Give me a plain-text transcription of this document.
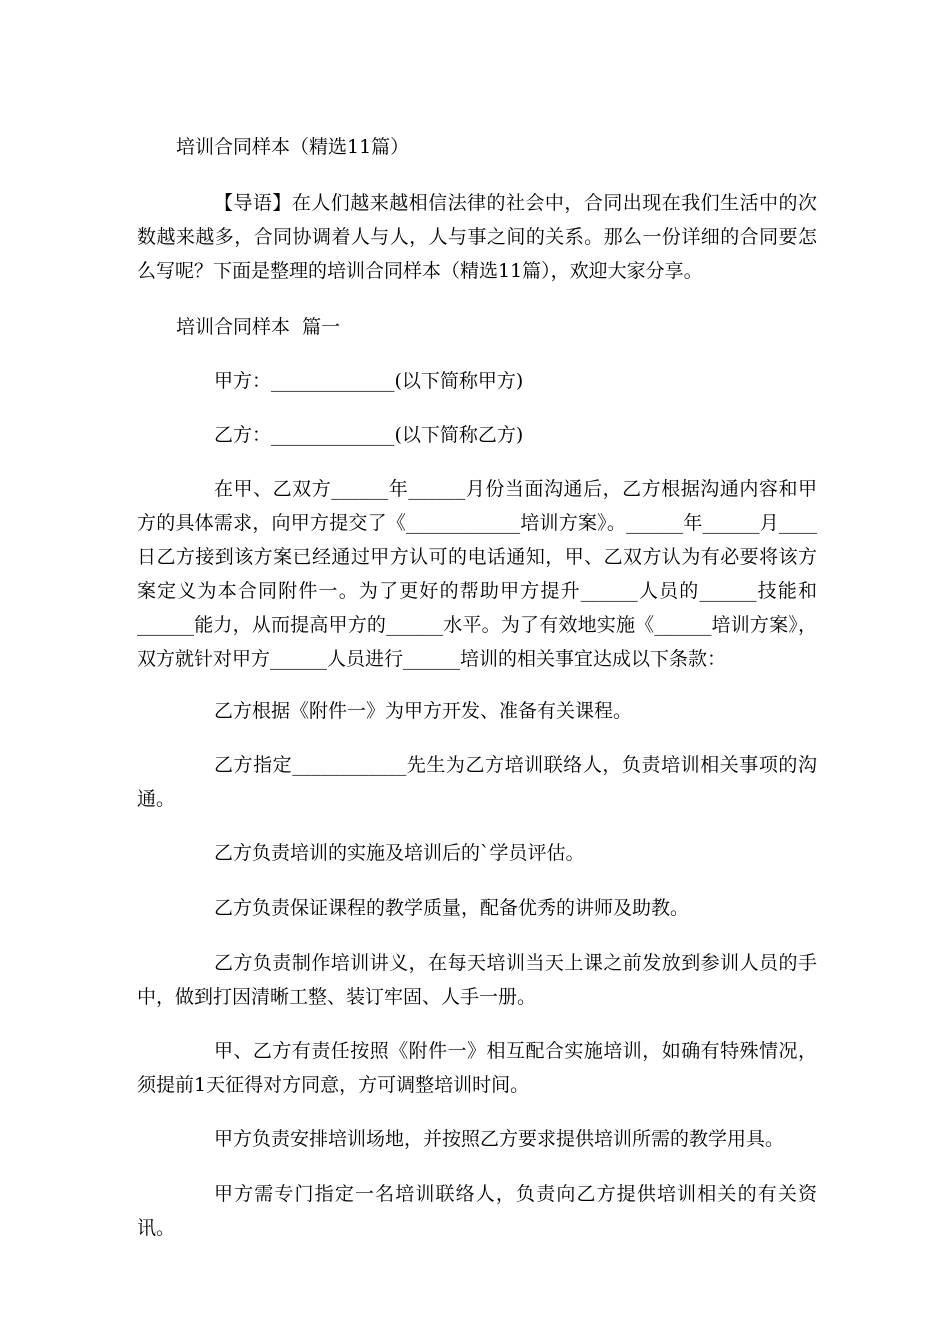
培训合同样本（精选11篇）
【导语】在人们越来越相信法律的社会中，合同出现在我们生活中的次数越来越多，合同协调着人与人，人与事之间的关系。那么一份详细的合同要怎么写呢？下面是整理的培训合同样本（精选11篇），欢迎大家分享。
培训合同样本  篇一
甲方：_____________(以下简称甲方)
乙方：_____________(以下简称乙方)
在甲、乙双方______年______月份当面沟通后，乙方根据沟通内容和甲方的具体需求，向甲方提交了《____________培训方案》。______年______月____日乙方接到该方案已经通过甲方认可的电话通知，甲、乙双方认为有必要将该方案定义为本合同附件一。为了更好的帮助甲方提升______人员的______技能和______能力，从而提高甲方的______水平。为了有效地实施《______培训方案》，双方就针对甲方______人员进行______培训的相关事宜达成以下条款：
乙方根据《附件一》为甲方开发、准备有关课程。
乙方指定____________先生为乙方培训联络人，负责培训相关事项的沟通。
乙方负责培训的实施及培训后的`学员评估。
乙方负责保证课程的教学质量，配备优秀的讲师及助教。
乙方负责制作培训讲义，在每天培训当天上课之前发放到参训人员的手中，做到打因清晰工整、装订牢固、人手一册。
甲、乙方有责任按照《附件一》相互配合实施培训，如确有特殊情况，须提前1天征得对方同意，方可调整培训时间。
甲方负责安排培训场地，并按照乙方要求提供培训所需的教学用具。
甲方需专门指定一名培训联络人，负责向乙方提供培训相关的有关资讯。
